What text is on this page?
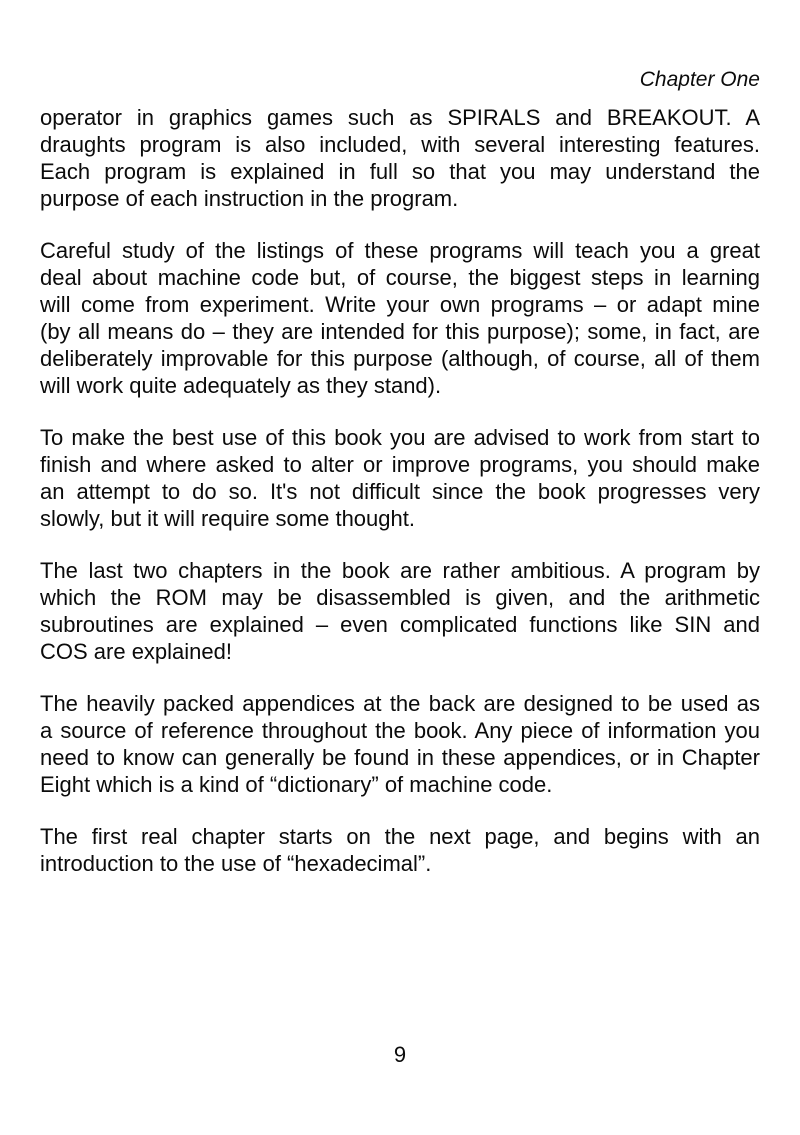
Chapter One
operator in graphics games such as SPIRALS and BREAKOUT. A
draughts program is also included, with several interesting features.
Each program is explained in full so that you may understand the
purpose of each instruction in the program.
Careful study of the listings of these programs will teach you a great
deal about machine code but, of course, the biggest steps in learning
will come from experiment. Write your own programs – or adapt mine
(by all means do – they are intended for this purpose); some, in fact, are
deliberately improvable for this purpose (although, of course, all of them
will work quite adequately as they stand).
To make the best use of this book you are advised to work from start to
finish and where asked to alter or improve programs, you should make
an attempt to do so. It's not difficult since the book progresses very
slowly, but it will require some thought.
The last two chapters in the book are rather ambitious. A program by
which the ROM may be disassembled is given, and the arithmetic
subroutines are explained – even complicated functions like SIN and
COS are explained!
The heavily packed appendices at the back are designed to be used as
a source of reference throughout the book. Any piece of information you
need to know can generally be found in these appendices, or in Chapter
Eight which is a kind of “dictionary” of machine code.
The first real chapter starts on the next page, and begins with an
introduction to the use of “hexadecimal”.
9
